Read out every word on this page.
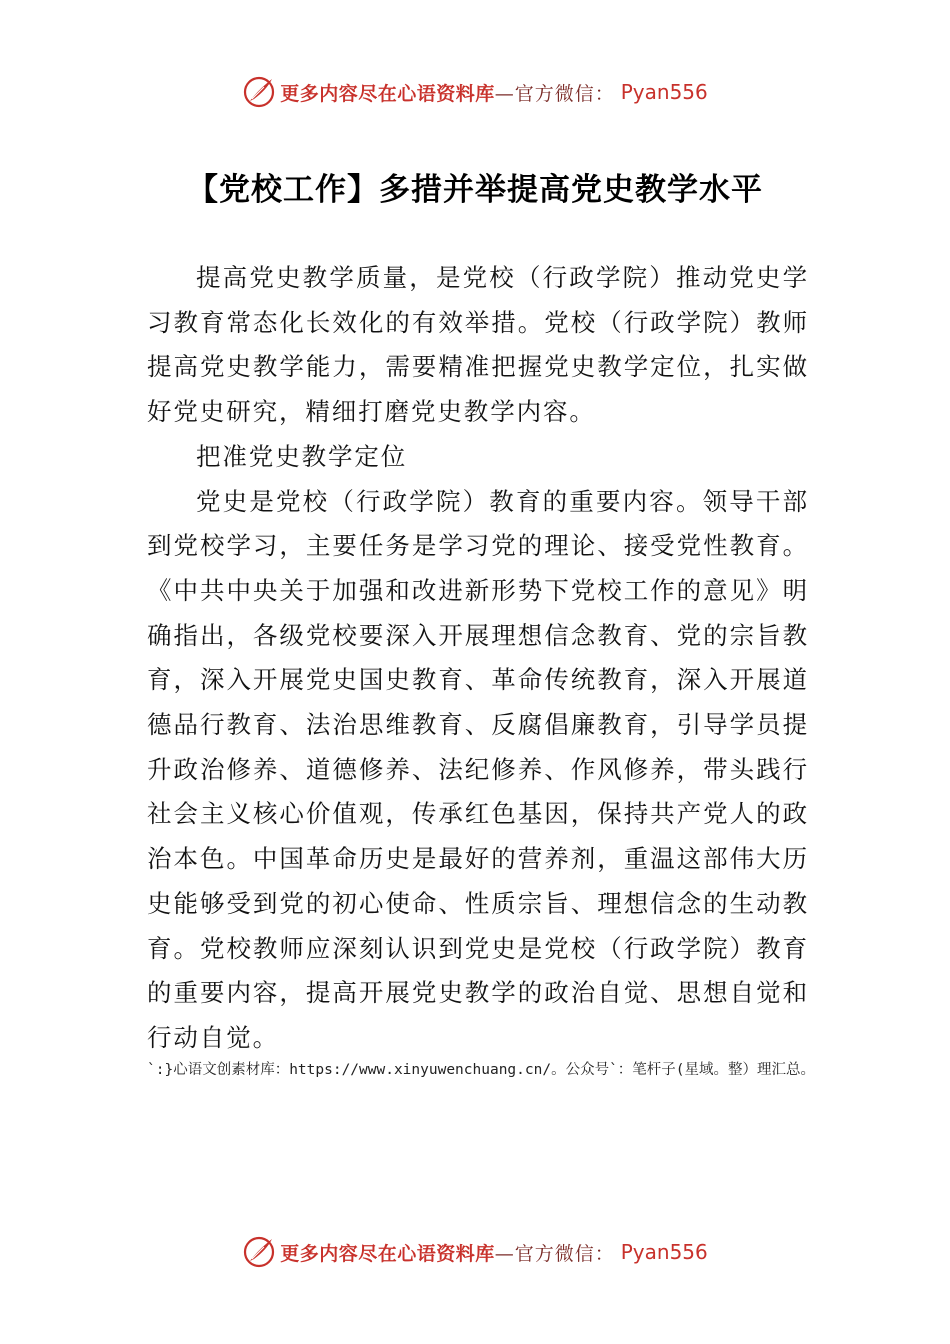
更多内容尽在心语资料库 —官方微信： Pyan556
【党校工作】多措并举提高党史教学水平

提高党史教学质量，是党校（行政学院）推动党史学习教育常态化长效化的有效举措。党校（行政学院）教师提高党史教学能力，需要精准把握党史教学定位，扎实做好党史研究，精细打磨党史教学内容。

把准党史教学定位

党史是党校（行政学院）教育的重要内容。领导干部到党校学习，主要任务是学习党的理论、接受党性教育。《中共中央关于加强和改进新形势下党校工作的意见》明确指出，各级党校要深入开展理想信念教育、党的宗旨教育，深入开展党史国史教育、革命传统教育，深入开展道德品行教育、法治思维教育、反腐倡廉教育，引导学员提升政治修养、道德修养、法纪修养、作风修养，带头践行社会主义核心价值观，传承红色基因，保持共产党人的政治本色。中国革命历史是最好的营养剂，重温这部伟大历史能够受到党的初心使命、性质宗旨、理想信念的生动教育。党校教师应深刻认识到党史是党校（行政学院）教育的重要内容，提高开展党史教学的政治自觉、思想自觉和行动自觉。

`:}心语文创素材库：https://www.xinyuwenchuang.cn/。公众号`：笔杆子(星域。整）理汇总。
更多内容尽在心语资料库 —官方微信： Pyan556
